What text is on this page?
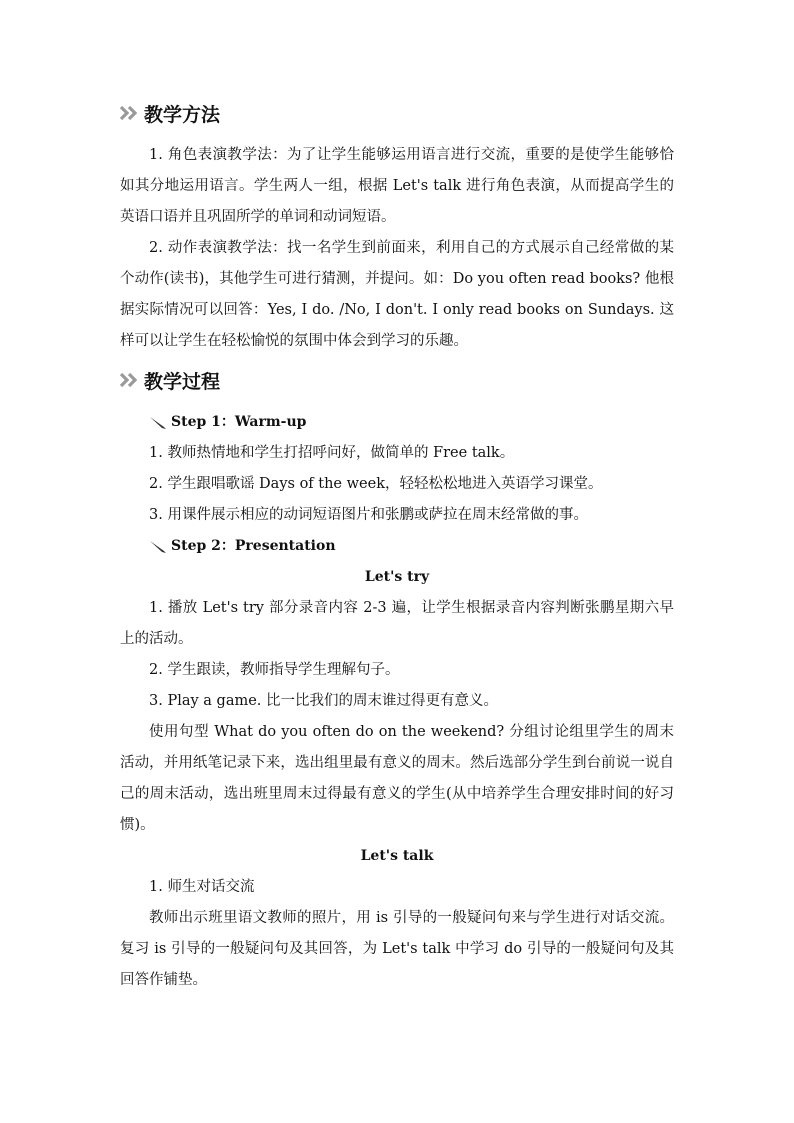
教学方法

1. 角色表演教学法：为了让学生能够运用语言进行交流，重要的是使学生能够恰如其分地运用语言。学生两人一组，根据 Let's talk 进行角色表演，从而提高学生的英语口语并且巩固所学的单词和动词短语。

2. 动作表演教学法：找一名学生到前面来，利用自己的方式展示自己经常做的某个动作(读书)，其他学生可进行猜测，并提问。如：Do you often read books? 他根据实际情况可以回答：Yes, I do. /No, I don't. I only read books on Sundays. 这样可以让学生在轻松愉悦的氛围中体会到学习的乐趣。

教学过程
Step 1：Warm-up

1. 教师热情地和学生打招呼问好，做简单的 Free talk。

2. 学生跟唱歌谣 Days of the week，轻轻松松地进入英语学习课堂。

3. 用课件展示相应的动词短语图片和张鹏或萨拉在周末经常做的事。

Step 2：Presentation
Let's try

1. 播放 Let's try 部分录音内容 2-3 遍，让学生根据录音内容判断张鹏星期六早上的活动。

2. 学生跟读，教师指导学生理解句子。

3. Play a game. 比一比我们的周末谁过得更有意义。

使用句型 What do you often do on the weekend? 分组讨论组里学生的周末活动，并用纸笔记录下来，选出组里最有意义的周末。然后选部分学生到台前说一说自己的周末活动，选出班里周末过得最有意义的学生(从中培养学生合理安排时间的好习惯)。

Let's talk

1. 师生对话交流

教师出示班里语文教师的照片，用 is 引导的一般疑问句来与学生进行对话交流。复习 is 引导的一般疑问句及其回答，为 Let's talk 中学习 do 引导的一般疑问句及其回答作铺垫。
